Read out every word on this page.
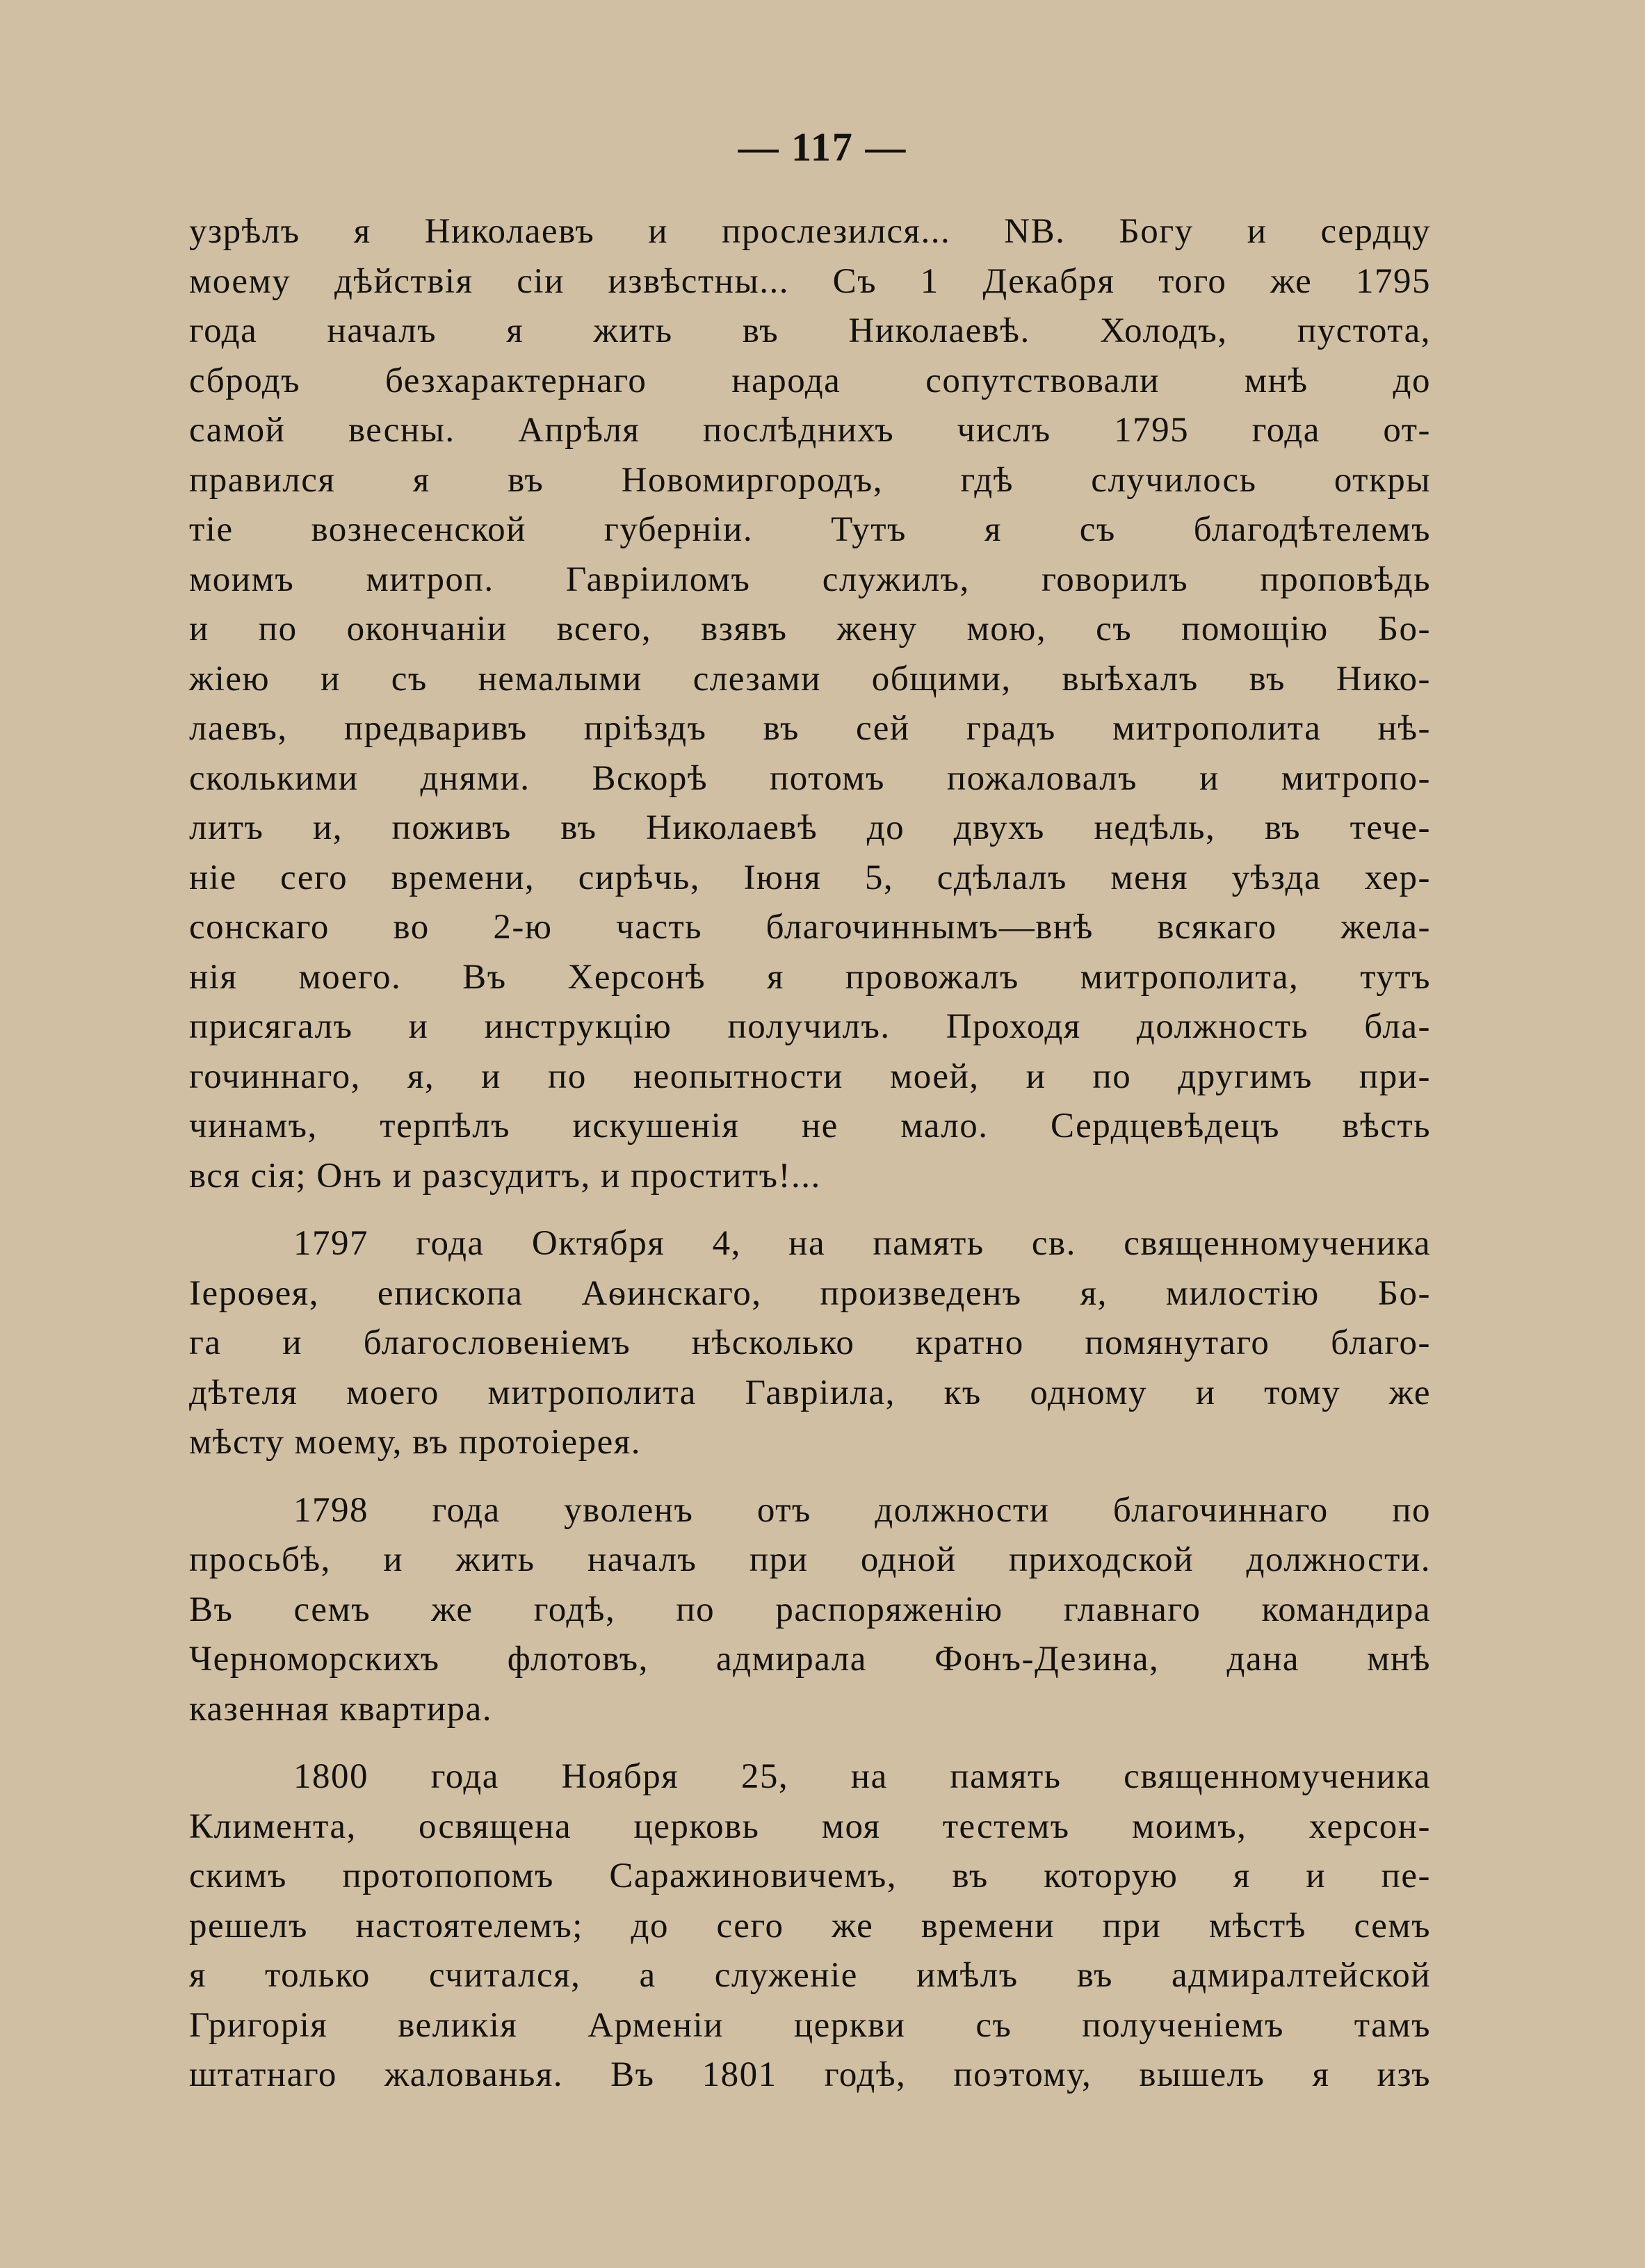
— 117 —
узрѣлъ я Николаевъ и прослезился... NB. Богу и сердцу
моему дѣйствія сіи извѣстны... Съ 1 Декабря того же 1795
года началъ я жить въ Николаевѣ. Холодъ, пустота,
сбродъ безхарактернаго народа сопутствовали мнѣ до
самой весны. Апрѣля послѣднихъ числъ 1795 года от-
правился я въ Новомиргородъ, гдѣ случилось откры
тіе вознесенской губерніи. Тутъ я съ благодѣтелемъ
моимъ митроп. Гавріиломъ служилъ, говорилъ проповѣдь
и по окончаніи всего, взявъ жену мою, съ помощію Бо-
жіею и съ немалыми слезами общими, выѣхалъ въ Нико-
лаевъ, предваривъ пріѣздъ въ сей градъ митрополита нѣ-
сколькими днями. Вскорѣ потомъ пожаловалъ и митропо-
литъ и, поживъ въ Николаевѣ до двухъ недѣль, въ тече-
ніе сего времени, сирѣчь, Іюня 5, сдѣлалъ меня уѣзда хер-
сонскаго во 2-ю часть благочиннымъ—внѣ всякаго жела-
нія моего. Въ Херсонѣ я провожалъ митрополита, тутъ
присягалъ и инструкцію получилъ. Проходя должность бла-
гочиннаго, я, и по неопытности моей, и по другимъ при-
чинамъ, терпѣлъ искушенія не мало. Сердцевѣдецъ вѣсть
вся сія; Онъ и разсудитъ, и проститъ!...
1797 года Октября 4, на память св. священномученика
Іероѳея, епископа Аѳинскаго, произведенъ я, милостію Бо-
га и благословеніемъ нѣсколько кратно помянутаго благо-
дѣтеля моего митрополита Гавріила, къ одному и тому же
мѣсту моему, въ протоіерея.
1798 года уволенъ отъ должности благочиннаго по
просьбѣ, и жить началъ при одной приходской должности.
Въ семъ же годѣ, по распоряженію главнаго командира
Черноморскихъ флотовъ, адмирала Фонъ-Дезина, дана мнѣ
казенная квартира.
1800 года Ноября 25, на память священномученика
Климента, освящена церковь моя тестемъ моимъ, херсон-
скимъ протопопомъ Саражиновичемъ, въ которую я и пе-
решелъ настоятелемъ; до сего же времени при мѣстѣ семъ
я только считался, а служеніе имѣлъ въ адмиралтейской
Григорія великія Арменіи церкви съ полученіемъ тамъ
штатнаго жалованья. Въ 1801 годѣ, поэтому, вышелъ я изъ
